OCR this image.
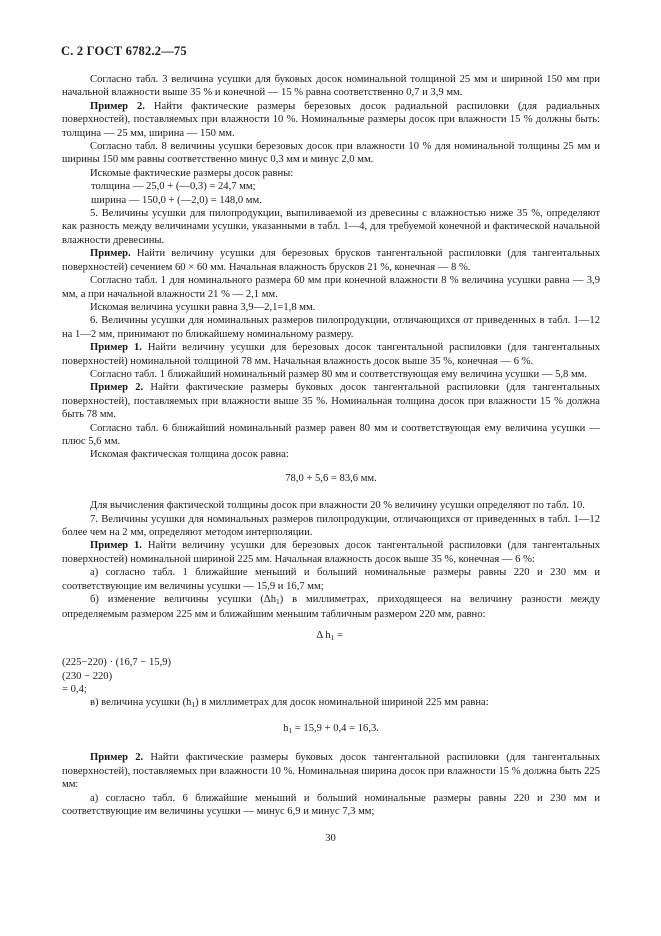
С. 2 ГОСТ 6782.2—75

Согласно табл. 3 величина усушки для буковых досок номинальной толщиной 25 мм и шириной 150 мм при начальной влажности выше 35 % и конечной — 15 % равна соответственно 0,7 и 3,9 мм.

Пример 2. Найти фактические размеры березовых досок радиальной распиловки (для радиальных поверхностей), поставляемых при влажности 10 %. Номинальные размеры досок при влажности 15 % должны быть: толщина — 25 мм, ширина — 150 мм.

Согласно табл. 8 величины усушки березовых досок при влажности 10 % для номинальной толщины 25 мм и ширины 150 мм равны соответственно минус 0,3 мм и минус 2,0 мм.

Искомые фактические размеры досок равны:

толщина — 25,0 + (—0,3) = 24,7 мм;

ширина — 150,0 + (—2,0) = 148,0 мм.

5. Величины усушки для пилопродукции, выпиливаемой из древесины с влажностью ниже 35 %, определяют как разность между величинами усушки, указанными в табл. 1—4, для требуемой конечной и фактической начальной влажности древесины.

Пример. Найти величину усушки для березовых брусков тангентальной распиловки (для тангентальных поверхностей) сечением 60 × 60 мм. Начальная влажность брусков 21 %, конечная — 8 %.

Согласно табл. 1 для номинального размера 60 мм при конечной влажности 8 % величина усушки равна — 3,9 мм, а при начальной влажности 21 % — 2,1 мм.

Искомая величина усушки равна 3,9—2,1=1,8 мм.

6. Величины усушки для номинальных размеров пилопродукции, отличающихся от приведенных в табл. 1—12 на 1—2 мм, принимают по ближайшему номинальному размеру.

Пример 1. Найти величину усушки для березовых досок тангентальной распиловки (для тангентальных поверхностей) номинальной толщиной 78 мм. Начальная влажность досок выше 35 %, конечная — 6 %.

Согласно табл. 1 ближайший номинальный размер 80 мм и соответствующая ему величина усушки — 5,8 мм.

Пример 2. Найти фактические размеры буковых досок тангентальной распиловки (для тангентальных поверхностей), поставляемых при влажности выше 35 %. Номинальная толщина досок при влажности 15 % должна быть 78 мм.

Согласно табл. 6 ближайший номинальный размер равен 80 мм и соответствующая ему величина усушки — плюс 5,6 мм.

Искомая фактическая толщина досок равна:

78,0 + 5,6 = 83,6 мм.

Для вычисления фактической толщины досок при влажности 20 % величину усушки определяют по табл. 10.

7. Величины усушки для номинальных размеров пилопродукции, отличающихся от приведенных в табл. 1—12 более чем на 2 мм, определяют методом интерполяции.

Пример 1. Найти величину усушки для березовых досок тангентальной распиловки (для тангентальных поверхностей) номинальной шириной 225 мм. Начальная влажность досок выше 35 %, конечная — 6 %:

а) согласно табл. 1 ближайшие меньший и больший номинальные размеры равны 220 и 230 мм и соответствующие им величины усушки — 15,9 и 16,7 мм;

б) изменение величины усушки $(\Delta h_1)$ в миллиметрах, приходящееся на величину разности между определяемым размером 225 мм и ближайшим меньшим табличным размером 220 мм, равно:

Δ $h_1$ =

(225−220) · (16,7 − 15,9)
(230 − 220)
= 0,4;

в) величина усушки $(h_1)$ в миллиметрах для досок номинальной шириной 225 мм равна:

$h_1 = 15,9 + 0,4 = 16,3$.

Пример 2. Найти фактические размеры буковых досок тангентальной распиловки (для тангентальных поверхностей), поставляемых при влажности 10 %. Номинальная ширина досок при влажности 15 % должна быть 225 мм:

а) согласно табл. 6 ближайшие меньший и больший номинальные размеры равны 220 и 230 мм и соответствующие им величины усушки — минус 6,9 и минус 7,3 мм;

30
